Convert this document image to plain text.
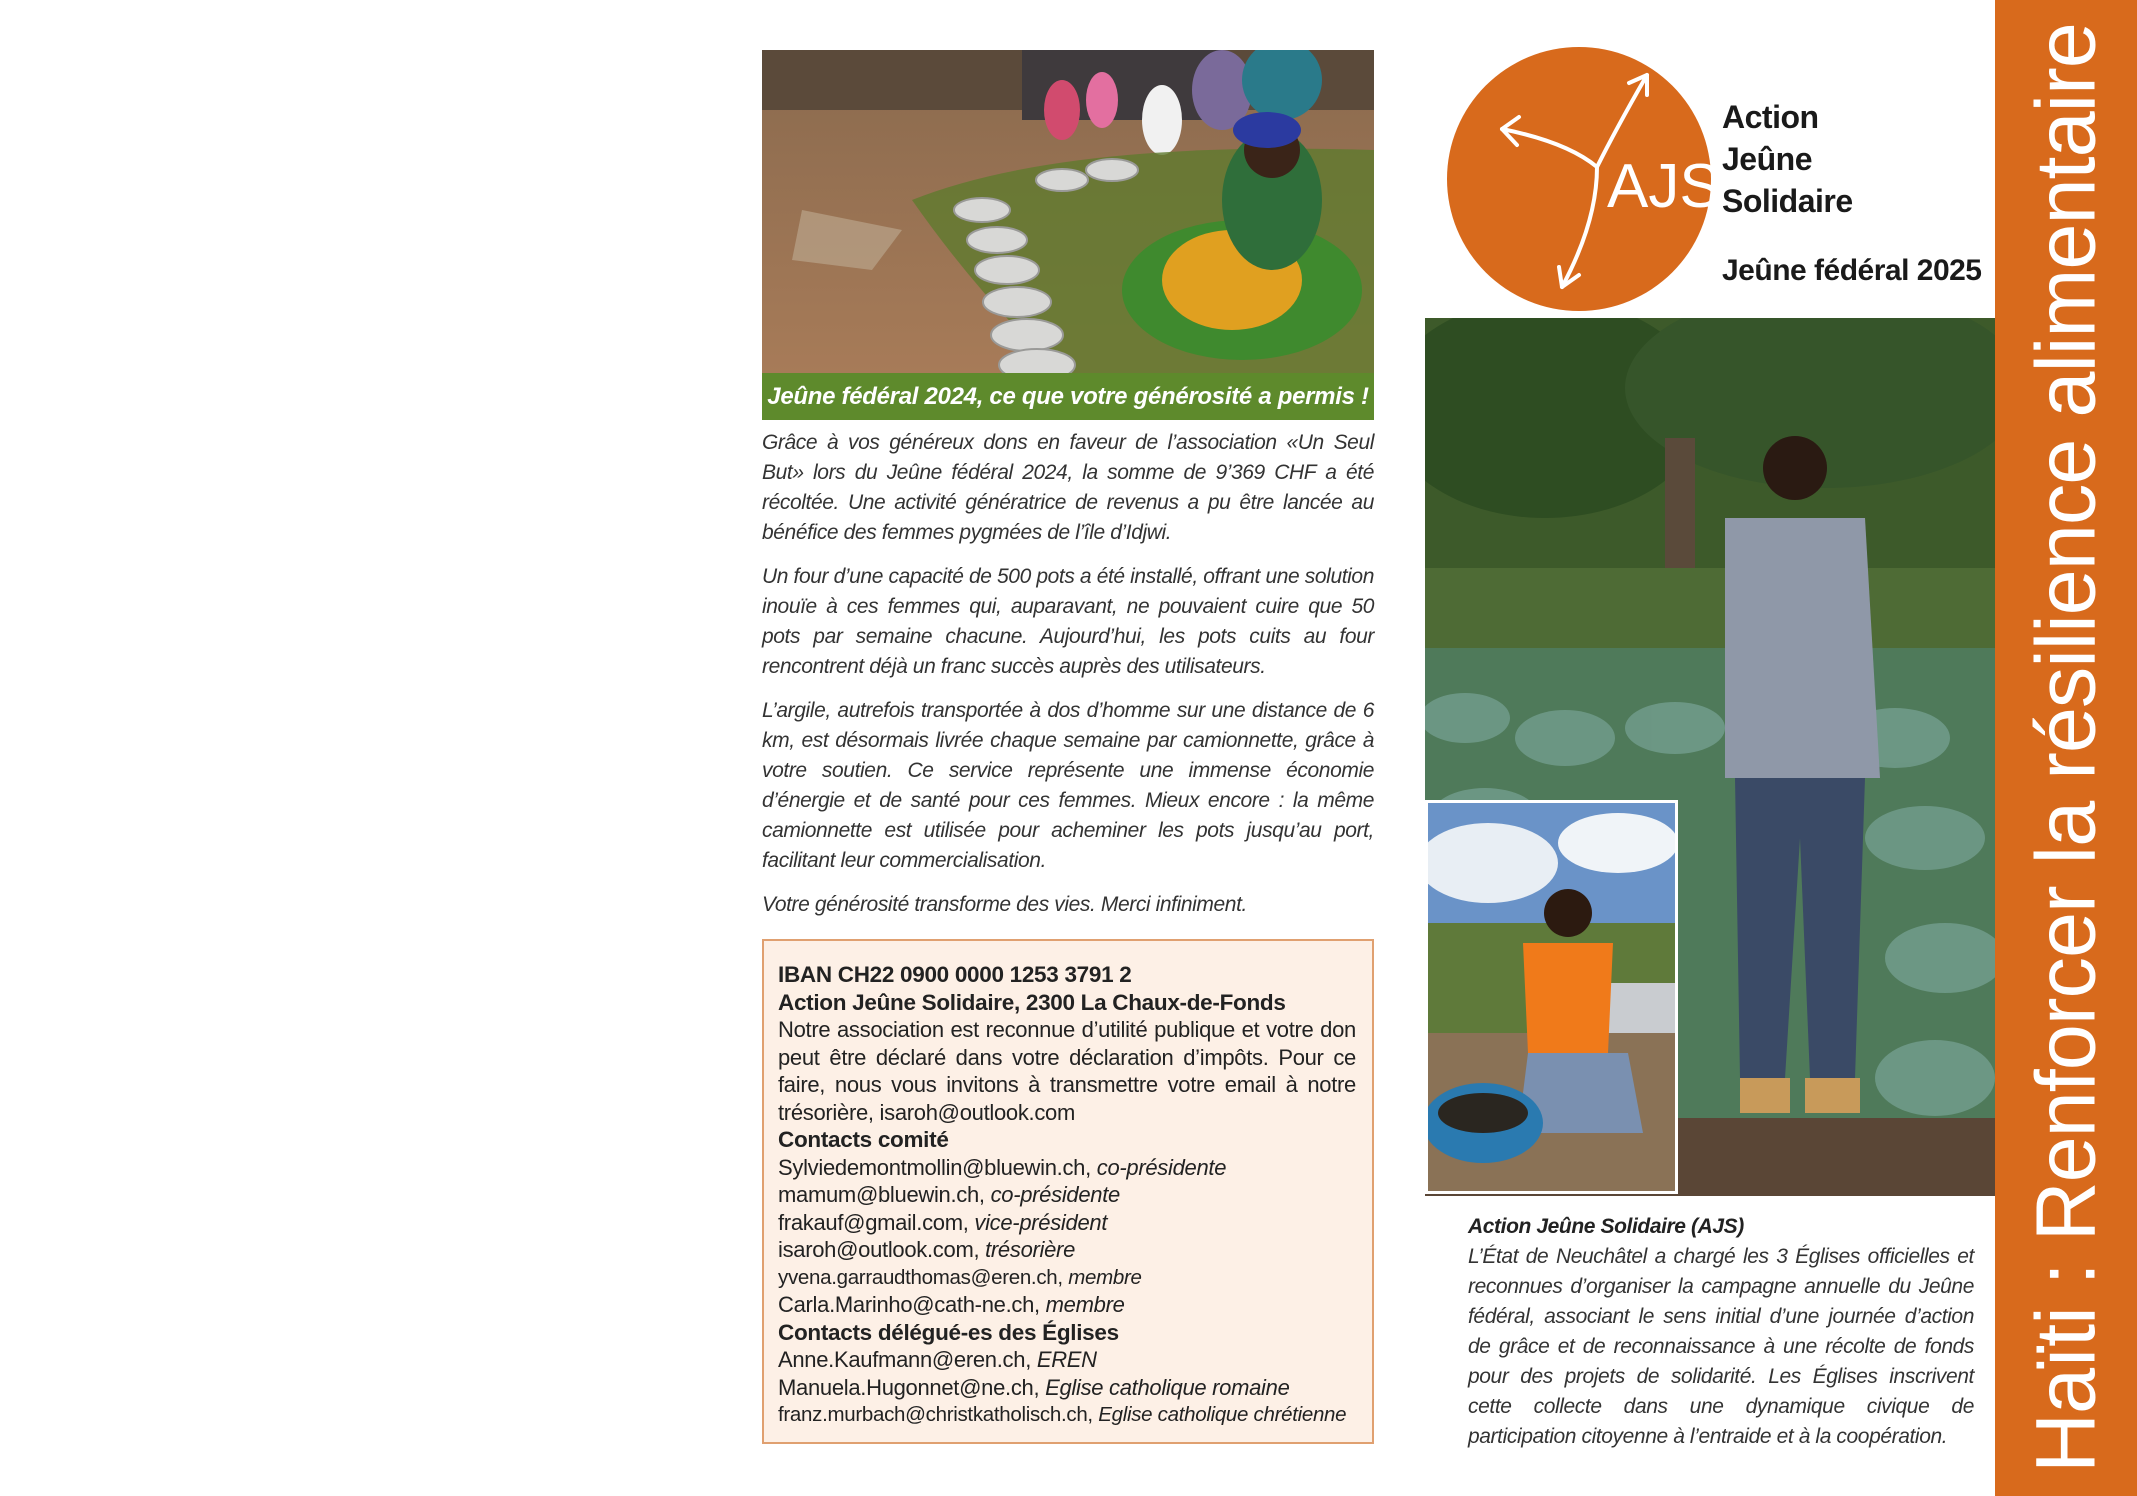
Jeûne fédéral 2024, ce que votre générosité a permis !

Grâce à vos généreux dons en faveur de l’association «Un Seul But» lors du Jeûne fédéral 2024, la somme de 9’369 CHF a été récoltée. Une activité génératrice de revenus a pu être lancée au bénéfice des femmes pygmées de l’île d’Idjwi.

Un four d’une capacité de 500 pots a été installé, offrant une solution inouïe à ces femmes qui, auparavant, ne pouvaient cuire que 50 pots par semaine chacune. Aujourd’hui, les pots cuits au four rencontrent déjà un franc succès auprès des utilisateurs.

L’argile, autrefois transportée à dos d’homme sur une distance de 6 km, est désormais livrée chaque semaine par camionnette, grâce à votre soutien. Ce service représente une immense économie d’énergie et de santé pour ces femmes. Mieux encore : la même camionnette est utilisée pour acheminer les pots jusqu’au port, facilitant leur commercialisation.

Votre générosité transforme des vies. Merci infiniment.

IBAN CH22 0900 0000 1253 3791 2
Action Jeûne Solidaire, 2300 La Chaux-de-Fonds
Notre association est reconnue d’utilité publique et votre don peut être déclaré dans votre déclaration d’impôts. Pour ce faire, nous vous invitons à transmettre votre email à notre trésorière, isaroh@outlook.com
Contacts comité
Sylviedemontmollin@bluewin.ch, co-présidente
mamum@bluewin.ch, co-présidente
frakauf@gmail.com, vice-président
isaroh@outlook.com, trésorière
yvena.garraudthomas@eren.ch, membre
Carla.Marinho@cath-ne.ch, membre
Contacts délégué-es des Églises
Anne.Kaufmann@eren.ch, EREN
Manuela.Hugonnet@ne.ch, Eglise catholique romaine
franz.murbach@christkatholisch.ch, Eglise catholique chrétienne
AJS
Action
Jeûne
Solidaire
Jeûne fédéral 2025
Action Jeûne Solidaire (AJS)
L’État de Neuchâtel a chargé les 3 Églises officielles et reconnues d’organiser la campagne annuelle du Jeûne fédéral, associant le sens initial d’une journée d’action de grâce et de reconnaissance à une récolte de fonds pour des projets de solidarité. Les Églises inscrivent cette collecte dans une dynamique civique de participation citoyenne à l’entraide et à la coopération. Haïti : Renforcer la résilience alimentaire
